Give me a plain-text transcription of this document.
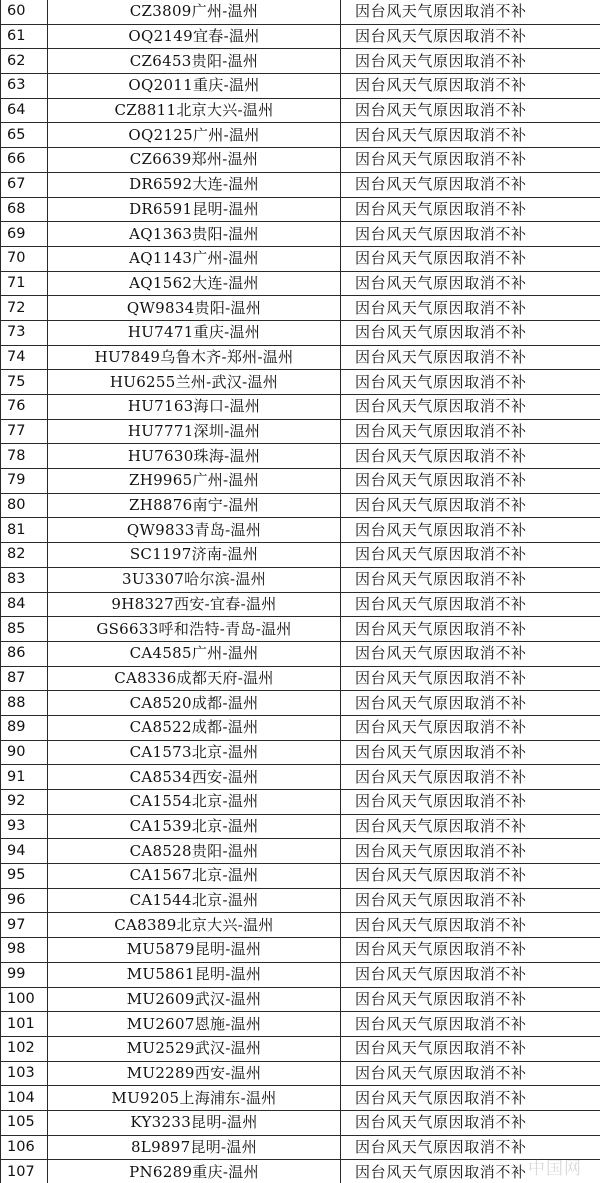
60	CZ3809广州-温州	因台风天气原因取消不补
61	OQ2149宜春-温州	因台风天气原因取消不补
62	CZ6453贵阳-温州	因台风天气原因取消不补
63	OQ2011重庆-温州	因台风天气原因取消不补
64	CZ8811北京大兴-温州	因台风天气原因取消不补
65	OQ2125广州-温州	因台风天气原因取消不补
66	CZ6639郑州-温州	因台风天气原因取消不补
67	DR6592大连-温州	因台风天气原因取消不补
68	DR6591昆明-温州	因台风天气原因取消不补
69	AQ1363贵阳-温州	因台风天气原因取消不补
70	AQ1143广州-温州	因台风天气原因取消不补
71	AQ1562大连-温州	因台风天气原因取消不补
72	QW9834贵阳-温州	因台风天气原因取消不补
73	HU7471重庆-温州	因台风天气原因取消不补
74	HU7849乌鲁木齐-郑州-温州	因台风天气原因取消不补
75	HU6255兰州-武汉-温州	因台风天气原因取消不补
76	HU7163海口-温州	因台风天气原因取消不补
77	HU7771深圳-温州	因台风天气原因取消不补
78	HU7630珠海-温州	因台风天气原因取消不补
79	ZH9965广州-温州	因台风天气原因取消不补
80	ZH8876南宁-温州	因台风天气原因取消不补
81	QW9833青岛-温州	因台风天气原因取消不补
82	SC1197济南-温州	因台风天气原因取消不补
83	3U3307哈尔滨-温州	因台风天气原因取消不补
84	9H8327西安-宜春-温州	因台风天气原因取消不补
85	GS6633呼和浩特-青岛-温州	因台风天气原因取消不补
86	CA4585广州-温州	因台风天气原因取消不补
87	CA8336成都天府-温州	因台风天气原因取消不补
88	CA8520成都-温州	因台风天气原因取消不补
89	CA8522成都-温州	因台风天气原因取消不补
90	CA1573北京-温州	因台风天气原因取消不补
91	CA8534西安-温州	因台风天气原因取消不补
92	CA1554北京-温州	因台风天气原因取消不补
93	CA1539北京-温州	因台风天气原因取消不补
94	CA8528贵阳-温州	因台风天气原因取消不补
95	CA1567北京-温州	因台风天气原因取消不补
96	CA1544北京-温州	因台风天气原因取消不补
97	CA8389北京大兴-温州	因台风天气原因取消不补
98	MU5879昆明-温州	因台风天气原因取消不补
99	MU5861昆明-温州	因台风天气原因取消不补
100	MU2609武汉-温州	因台风天气原因取消不补
101	MU2607恩施-温州	因台风天气原因取消不补
102	MU2529武汉-温州	因台风天气原因取消不补
103	MU2289西安-温州	因台风天气原因取消不补
104	MU9205上海浦东-温州	因台风天气原因取消不补
105	KY3233昆明-温州	因台风天气原因取消不补
106	8L9897昆明-温州	因台风天气原因取消不补
107	PN6289重庆-温州	因台风天气原因取消不补 中国网
